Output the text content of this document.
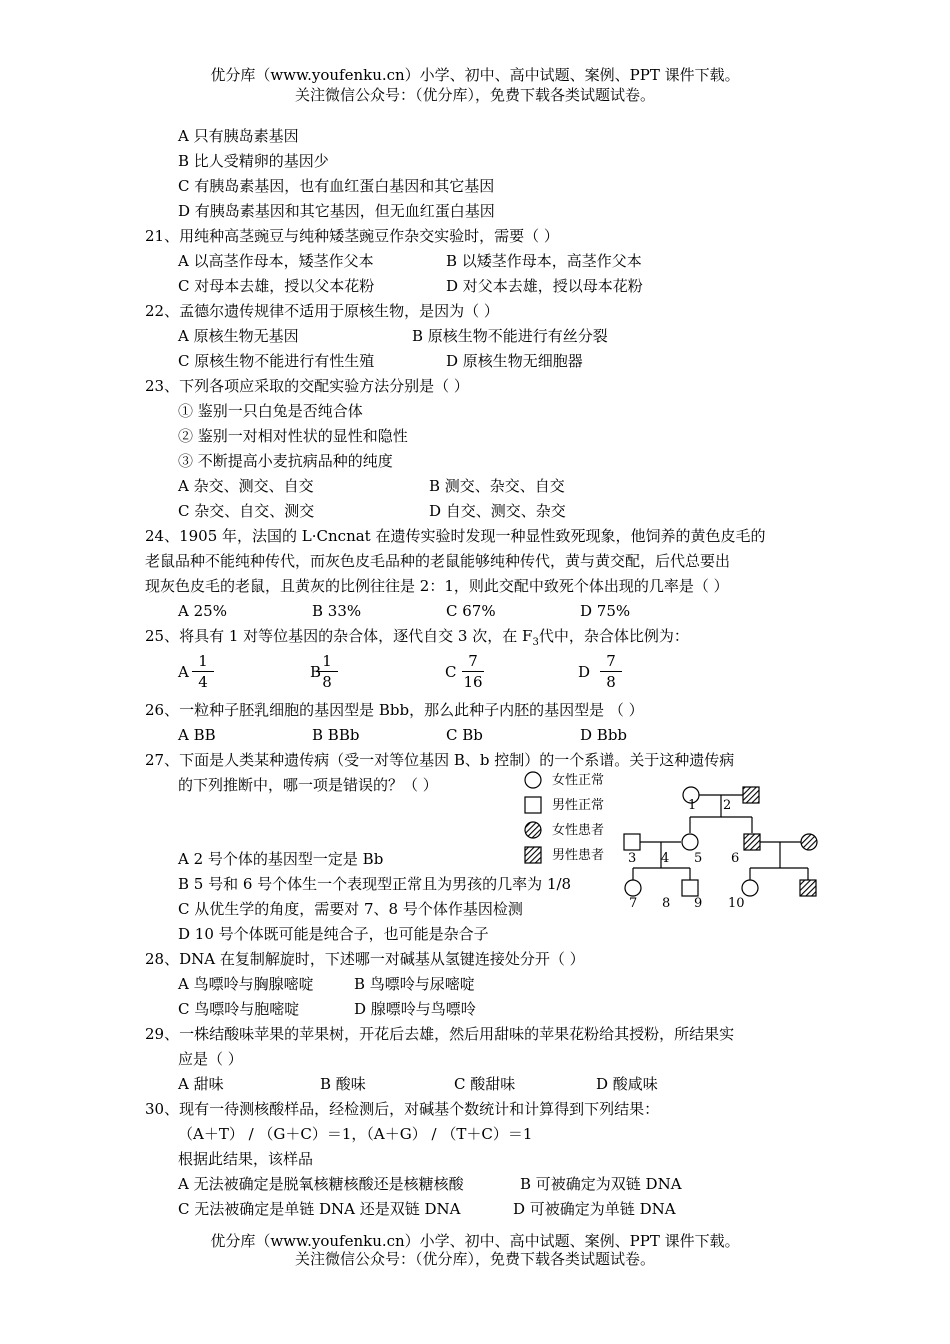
优分库（www.youfenku.cn）小学、初中、高中试题、案例、PPT 课件下载。
关注微信公众号：（优分库），免费下载各类试题试卷。
A 只有胰岛素基因
B 比人受精卵的基因少
C 有胰岛素基因，也有血红蛋白基因和其它基因
D 有胰岛素基因和其它基因，但无血红蛋白基因
21、用纯种高茎豌豆与纯种矮茎豌豆作杂交实验时，需要（ ）
A 以高茎作母本，矮茎作父本	B 以矮茎作母本，高茎作父本
C 对母本去雄，授以父本花粉	D 对父本去雄，授以母本花粉
22、孟德尔遗传规律不适用于原核生物，是因为（ ）
A 原核生物无基因	B 原核生物不能进行有丝分裂
C 原核生物不能进行有性生殖	D 原核生物无细胞器
23、下列各项应采取的交配实验方法分别是（ ）
① 鉴别一只白兔是否纯合体
② 鉴别一对相对性状的显性和隐性
③ 不断提高小麦抗病品种的纯度
A 杂交、测交、自交	B 测交、杂交、自交
C 杂交、自交、测交	D 自交、测交、杂交
24、1905 年，法国的 L·Cncnat 在遗传实验时发现一种显性致死现象，他饲养的黄色皮毛的
老鼠品种不能纯种传代，而灰色皮毛品种的老鼠能够纯种传代，黄与黄交配，后代总要出
现灰色皮毛的老鼠，且黄灰的比例往往是 2：1，则此交配中致死个体出现的几率是（ ）
A 25%	B 33%	C 67%	D 75%
25、将具有 1 对等位基因的杂合体，逐代自交 3 次，在 $F_3$代中，杂合体比例为：
A
1
4
B
1
8
C
7
16
D
7
8
26、一粒种子胚乳细胞的基因型是 Bbb，那么此种子内胚的基因型是 （ ）
A BB	B BBb	C Bb	D Bbb
27、下面是人类某种遗传病（受一对等位基因 B、b 控制）的一个系谱。关于这种遗传病
的下列推断中，哪一项是错误的？（ ）
A 2 号个体的基因型一定是 Bb
B 5 号和 6 号个体生一个表现型正常且为男孩的几率为 1/8
C 从优生学的角度，需要对 7、8 号个体作基因检测
D 10 号个体既可能是纯合子，也可能是杂合子
女性正常
男性正常
女性患者
男性患者
1 2
3 4 5 6
7 8 9 10
28、DNA 在复制解旋时，下述哪一对碱基从氢键连接处分开（ ）
A 鸟嘌呤与胸腺嘧啶	B 鸟嘌呤与尿嘧啶
C 鸟嘌呤与胞嘧啶	D 腺嘌呤与鸟嘌呤
29、一株结酸味苹果的苹果树，开花后去雄，然后用甜味的苹果花粉给其授粉，所结果实
应是（ ）
A 甜味	B 酸味	C 酸甜味	D 酸咸味
30、现有一待测核酸样品，经检测后，对碱基个数统计和计算得到下列结果：
（A＋T） / （G＋C）＝1，（A＋G） / （T＋C）＝1
根据此结果，该样品
A 无法被确定是脱氧核糖核酸还是核糖核酸	B 可被确定为双链 DNA
C 无法被确定是单链 DNA 还是双链 DNA	D 可被确定为单链 DNA
优分库（www.youfenku.cn）小学、初中、高中试题、案例、PPT 课件下载。
关注微信公众号：（优分库），免费下载各类试题试卷。
